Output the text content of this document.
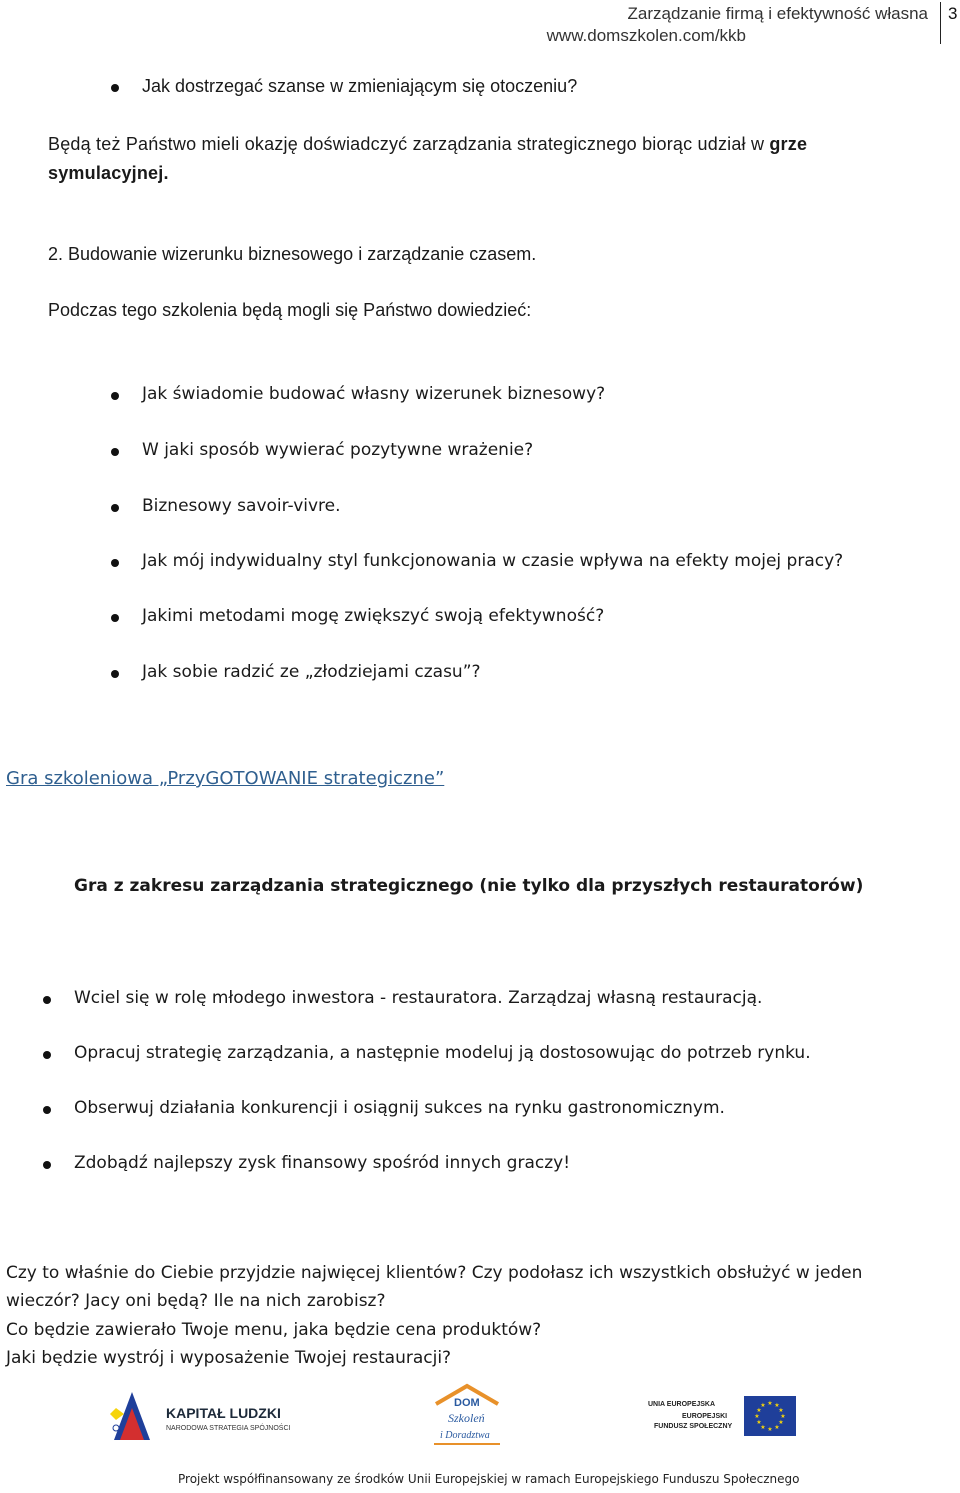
Zarządzanie firmą i efektywność własna
www.domszkolen.com/kkb
3
Jak dostrzegać szanse w zmieniającym się otoczeniu?
Będą też Państwo mieli okazję doświadczyć zarządzania strategicznego biorąc udział w grze symulacyjnej.
2. Budowanie wizerunku biznesowego i zarządzanie czasem.
Podczas tego szkolenia będą mogli się Państwo dowiedzieć:
Jak świadomie budować własny wizerunek biznesowy?
W jaki sposób wywierać pozytywne wrażenie?
Biznesowy savoir-vivre.
Jak mój indywidualny styl funkcjonowania w czasie wpływa na efekty mojej pracy?
Jakimi metodami mogę zwiększyć swoją efektywność?
Jak sobie radzić ze „złodziejami czasu”?
Gra szkoleniowa „PrzyGOTOWANIE strategiczne”
Gra z zakresu zarządzania strategicznego (nie tylko dla przyszłych restauratorów)
Wciel się w rolę młodego inwestora - restauratora. Zarządzaj własną restauracją.
Opracuj strategię zarządzania, a następnie modeluj ją dostosowując do potrzeb rynku.
Obserwuj działania konkurencji i osiągnij sukces na rynku gastronomicznym.
Zdobądź najlepszy zysk finansowy spośród innych graczy!
Czy to właśnie do Ciebie przyjdzie najwięcej klientów? Czy podołasz ich wszystkich obsłużyć w jeden wieczór? Jacy oni będą? Ile na nich zarobisz?
Co będzie zawierało Twoje menu, jaka będzie cena produktów?
Jaki będzie wystrój i wyposażenie Twojej restauracji?
KAPITAŁ LUDZKI
NARODOWA STRATEGIA SPÓJNOŚCI
DOM
Szkoleń
i Doradztwa
UNIA EUROPEJSKA
EUROPEJSKI
FUNDUSZ SPOŁECZNY
★ ★
★
★
★
★
★
★
★
★
★
★
Projekt współfinansowany ze środków Unii Europejskiej w ramach Europejskiego Funduszu Społecznego
